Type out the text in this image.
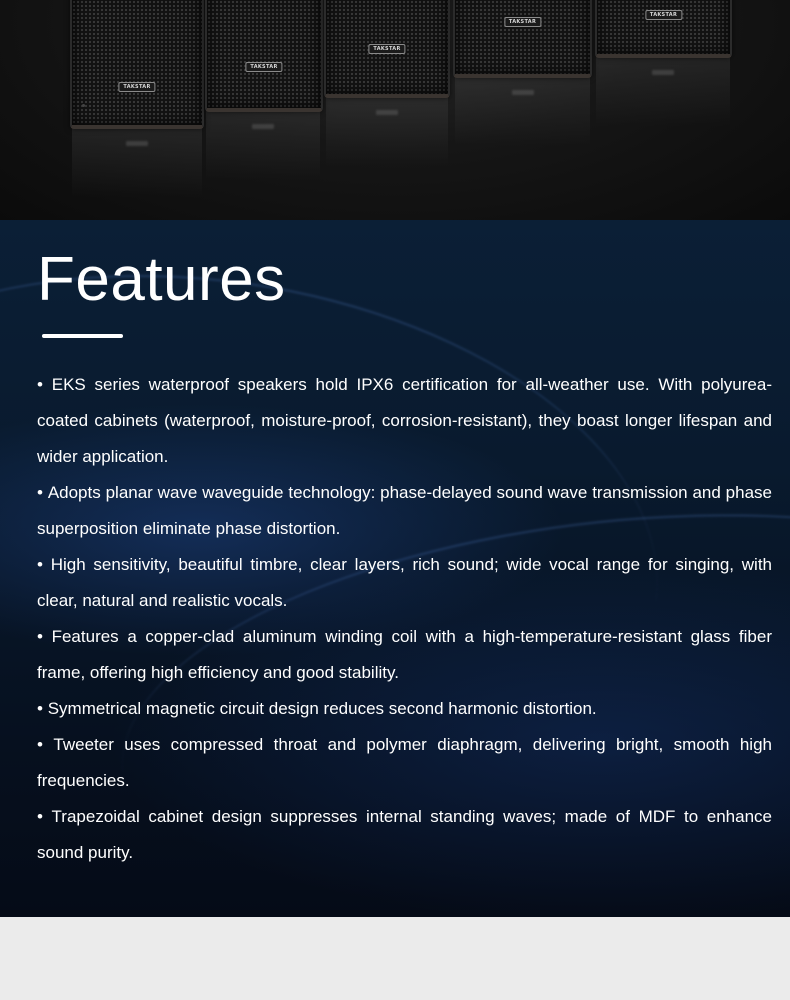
TAKSTAR
TAKSTAR
TAKSTAR
TAKSTAR
TAKSTAR
Features
• EKS series waterproof speakers hold IPX6 certification for all-weather use. With polyurea-coated cabinets (waterproof, moisture-proof, corrosion-resistant), they boast longer lifespan and wider application.
• Adopts planar wave waveguide technology: phase-delayed sound wave transmission and phase superposition eliminate phase distortion.
• High sensitivity, beautiful timbre, clear layers, rich sound; wide vocal range for singing, with clear, natural and realistic vocals.
• Features a copper-clad aluminum winding coil with a high-temperature-resistant glass fiber frame, offering high efficiency and good stability.
• Symmetrical magnetic circuit design reduces second harmonic distortion.
• Tweeter uses compressed throat and polymer diaphragm, delivering bright, smooth high frequencies.
• Trapezoidal cabinet design suppresses internal standing waves; made of MDF to enhance sound purity.
